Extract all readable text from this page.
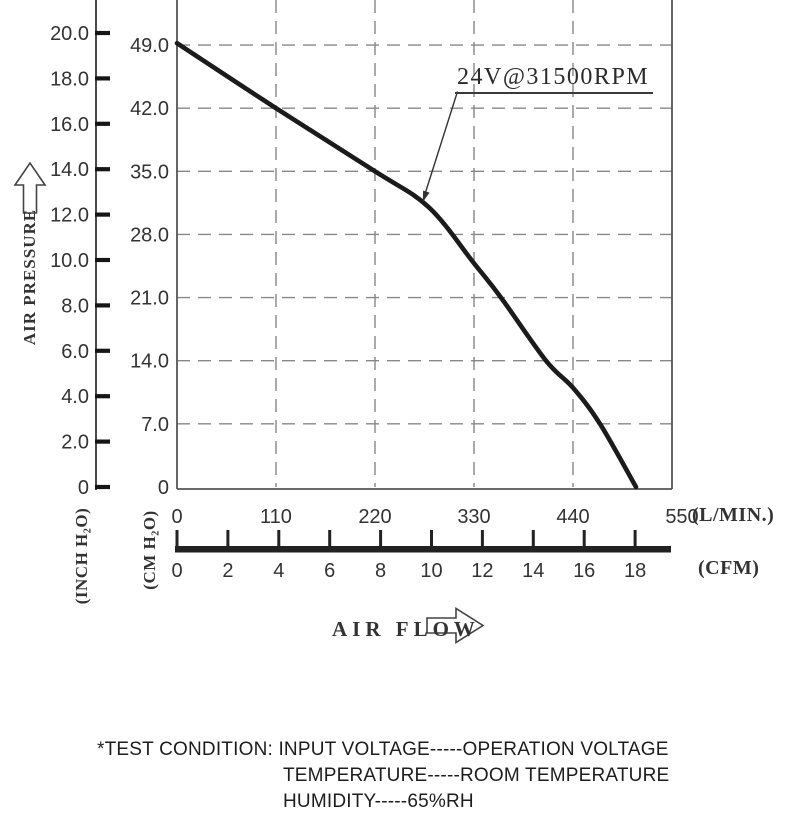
20.0
18.0
16.0
14.0
12.0
10.0
8.0
6.0
4.0
2.0
0
49.0
42.0
35.0
28.0
21.0
14.0
7.0
0
0	110	220	330	440	550
0 2 4 6 8 10 12 14 16 18
AIR PRESSURE
(INCH H₂O)	(CM H₂O)
24V@31500RPM
(L/MIN.)
(CFM)
AIR FLOW
*TEST CONDITION: INPUT VOLTAGE-----OPERATION VOLTAGE
TEMPERATURE-----ROOM TEMPERATURE
HUMIDITY-----65%RH
